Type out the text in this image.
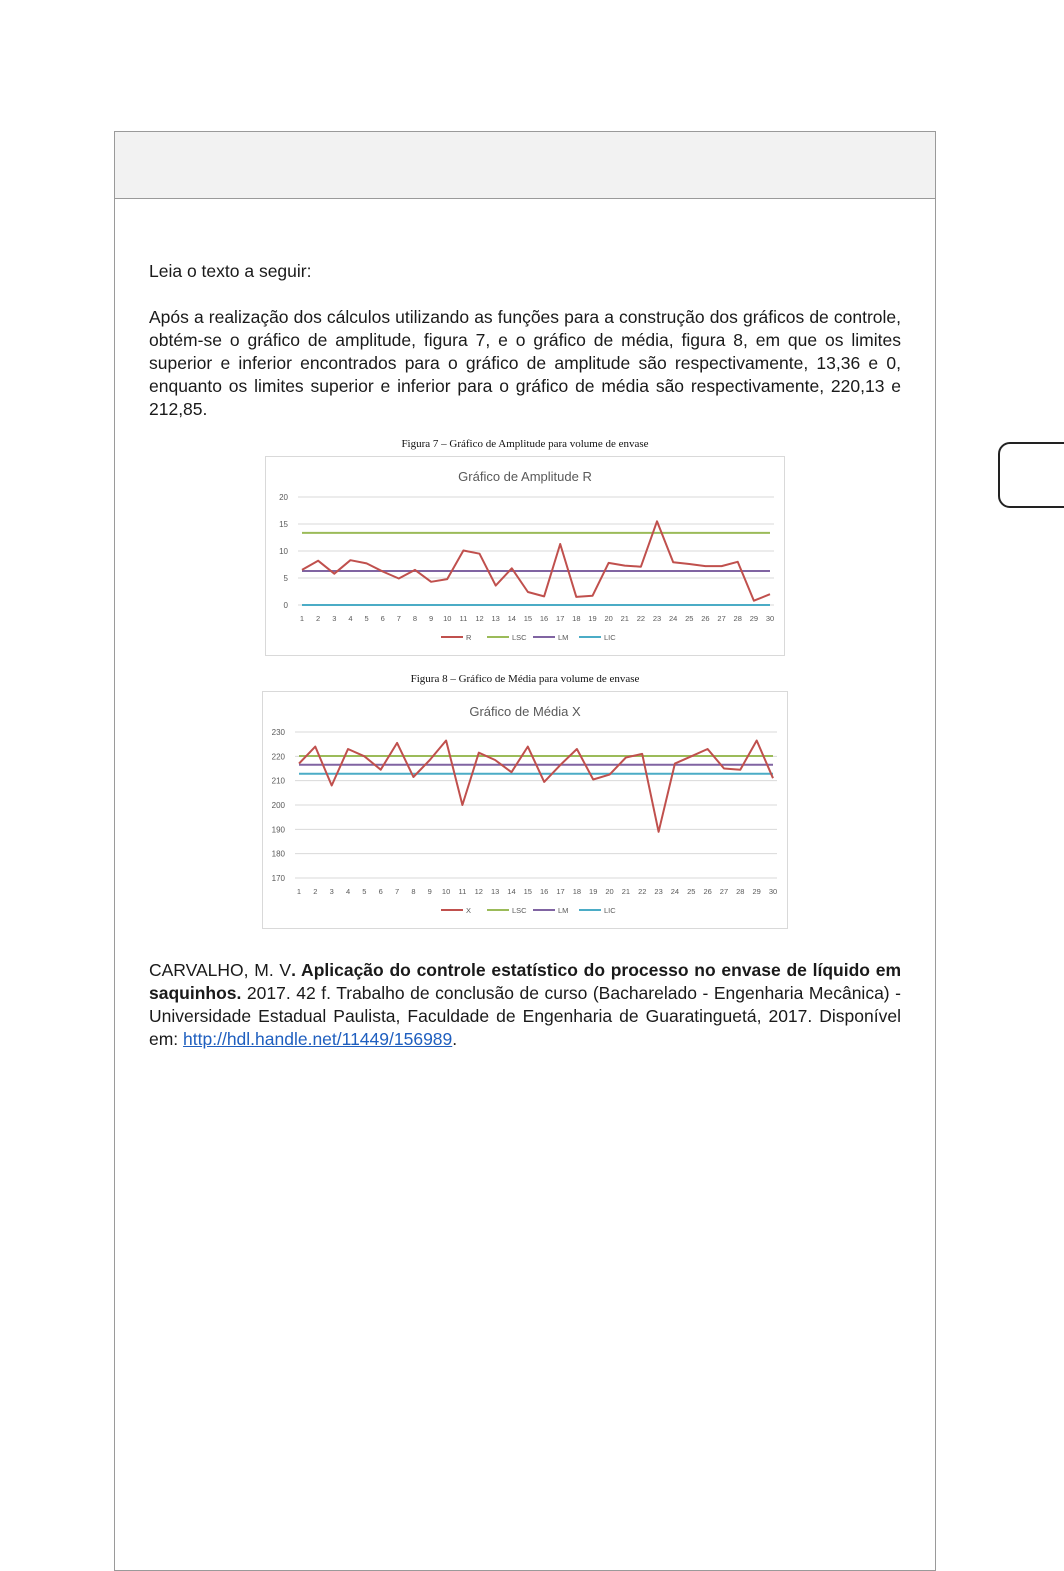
Leia o texto a seguir:

Após a realização dos cálculos utilizando as funções para a construção dos gráficos de controle, obtém-se o gráfico de amplitude, figura 7, e o gráfico de média, figura 8, em que os limites superior e inferior encontrados para o gráfico de amplitude são respectivamente, 13,36 e 0, enquanto os limites superior e inferior para o gráfico de média são respectivamente, 220,13 e 212,85.

Figura 7 – Gráfico de Amplitude para volume de envase
Gráfico de Amplitude R
0
5
10
15
20
1 2 3 4 5 6 7 8 9 10 11 12 13 14 15 16 17 18 19 20 21 22 23 24 25 26 27 28 29 30
R	LSC	LM	LIC
Figura 8 – Gráfico de Média para volume de envase
Gráfico de Média X
170
180
190
200
210
220
230
1 2 3 4 5 6 7 8 9 10 11 12 13 14 15 16 17 18 19 20 21 22 23 24 25 26 27 28 29 30
X	LSC	LM	LIC

CARVALHO, M. V. Aplicação do controle estatístico do processo no envase de líquido em saquinhos. 2017. 42 f. Trabalho de conclusão de curso (Bacharelado - Engenharia Mecânica) - Universidade Estadual Paulista, Faculdade de Engenharia de Guaratinguetá, 2017. Disponível em: http://hdl.handle.net/11449/156989.
